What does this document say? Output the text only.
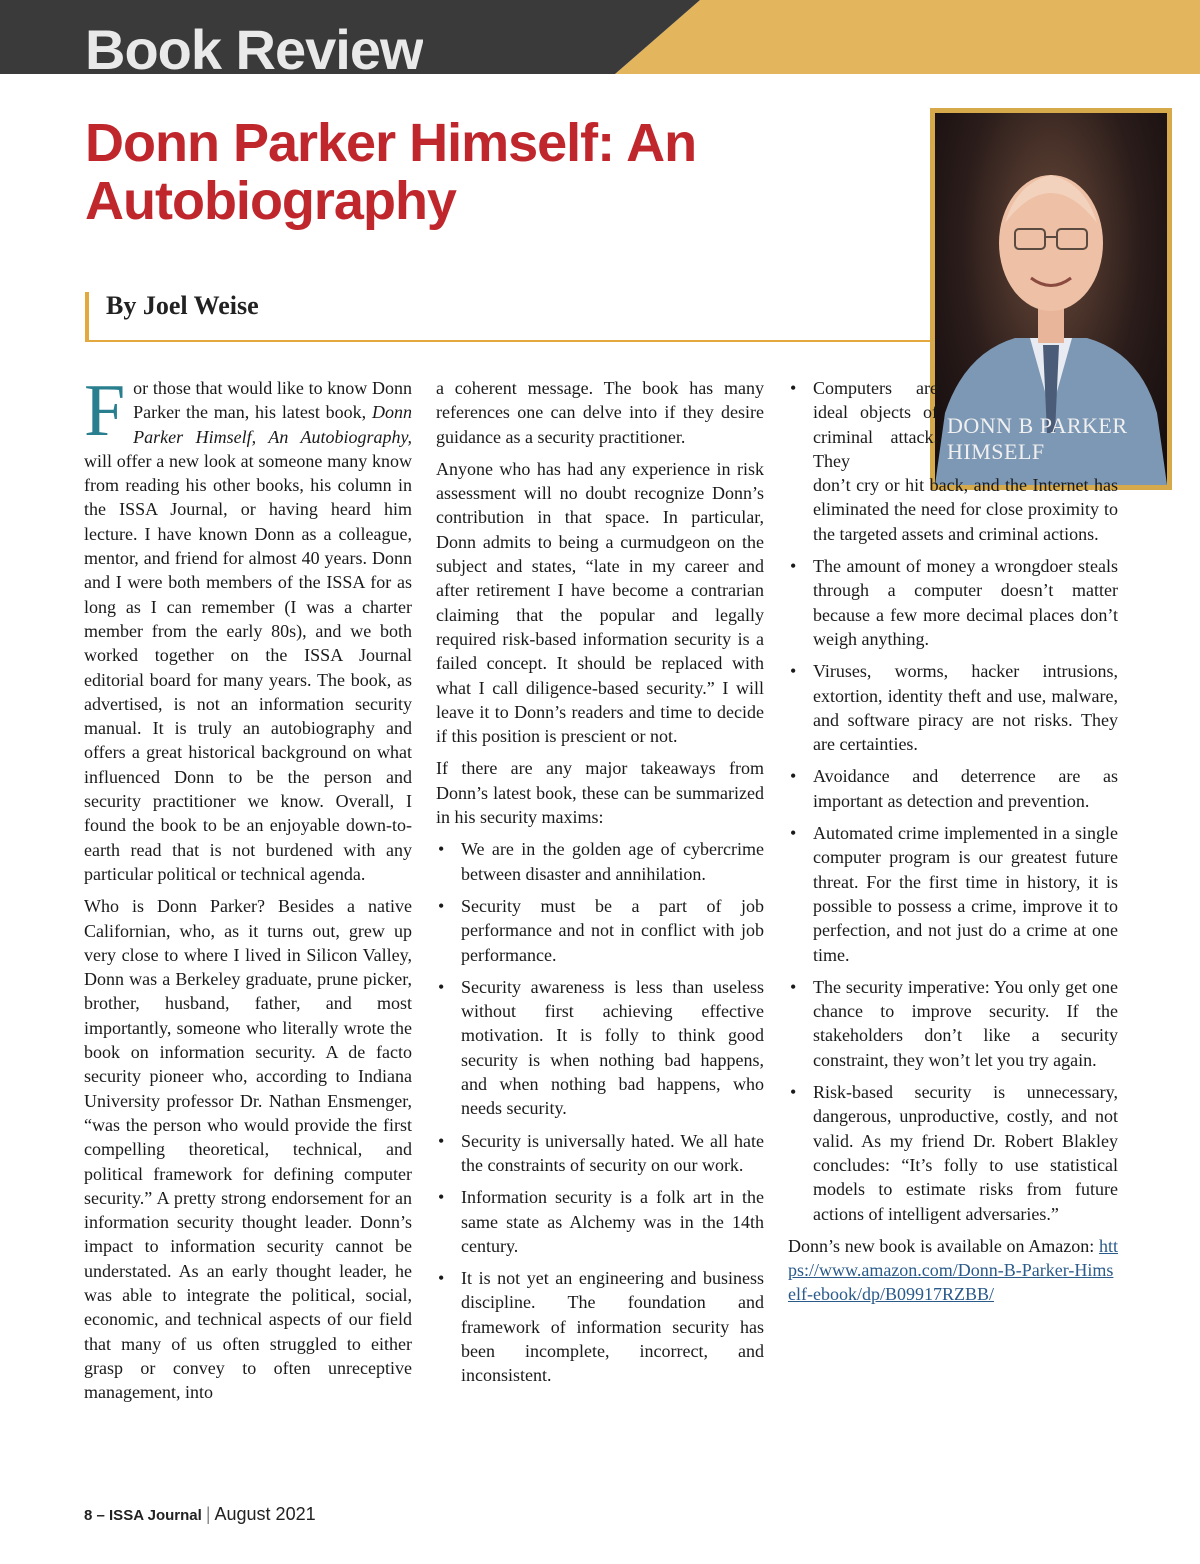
Book Review
Donn Parker Himself: An Autobiography
By Joel Weise
DONN B PARKER HIMSELF

For those that would like to know Donn Parker the man, his latest book, Donn Parker Himself, An Autobiography, will offer a new look at someone many know from reading his other books, his column in the ISSA Journal, or having heard him lecture. I have known Donn as a colleague, mentor, and friend for almost 40 years. Donn and I were both members of the ISSA for as long as I can remember (I was a charter member from the early 80s), and we both worked together on the ISSA Journal editorial board for many years. The book, as advertised, is not an information security manual. It is truly an autobiography and offers a great historical background on what influenced Donn to be the person and security practitioner we know. Overall, I found the book to be an enjoyable down-to-earth read that is not burdened with any particular political or technical agenda.

Who is Donn Parker? Besides a native Californian, who, as it turns out, grew up very close to where I lived in Silicon Valley, Donn was a Berkeley graduate, prune picker, brother, husband, father, and most importantly, someone who literally wrote the book on information security. A de facto security pioneer who, according to Indiana University professor Dr. Nathan Ensmenger, “was the person who would provide the first compelling theoretical, technical, and political framework for defining computer security.” A pretty strong endorsement for an information security thought leader. Donn’s impact to information security cannot be understated. As an early thought leader, he was able to integrate the political, social, economic, and technical aspects of our field that many of us often struggled to either grasp or convey to often unreceptive management, into

a coherent message. The book has many references one can delve into if they desire guidance as a security practitioner.

Anyone who has had any experience in risk assessment will no doubt recognize Donn’s contribution in that space. In particular, Donn admits to being a curmudgeon on the subject and states, “late in my career and after retirement I have become a contrarian claiming that the popular and legally required risk-based information security is a failed concept. It should be replaced with what I call diligence-based security.” I will leave it to Donn’s readers and time to decide if this position is prescient or not.

If there are any major takeaways from Donn’s latest book, these can be summarized in his security maxims:

• We are in the golden age of cybercrime between disaster and annihilation.
• Security must be a part of job performance and not in conflict with job performance.
• Security awareness is less than useless without first achieving effective motivation. It is folly to think good security is when nothing bad happens, and when nothing bad happens, who needs security.
• Security is universally hated. We all hate the constraints of security on our work.
• Information security is a folk art in the same state as Alchemy was in the 14th century.
• It is not yet an engineering and business discipline. The foundation and framework of information security has been incomplete, incorrect, and inconsistent.
• Computers are ideal objects of criminal attack. They
don’t cry or hit back, and the Internet has eliminated the need for close proximity to the targeted assets and criminal actions.
• The amount of money a wrongdoer steals through a computer doesn’t matter because a few more decimal places don’t weigh anything.
• Viruses, worms, hacker intrusions, extortion, identity theft and use, malware, and software piracy are not risks. They are certainties.
• Avoidance and deterrence are as important as detection and prevention.
• Automated crime implemented in a single computer program is our greatest future threat. For the first time in history, it is possible to possess a crime, improve it to perfection, and not just do a crime at one time.
• The security imperative: You only get one chance to improve security. If the stakeholders don’t like a security constraint, they won’t let you try again.
• Risk-based security is unnecessary, dangerous, unproductive, costly, and not valid. As my friend Dr. Robert Blakley concludes: “It’s folly to use statistical models to estimate risks from future actions of intelligent adversaries.”

Donn’s new book is available on Amazon: https://www.amazon.com/Donn-B-Parker-Himself-ebook/dp/B09917RZBB/

8 – ISSA Journal | August 2021
